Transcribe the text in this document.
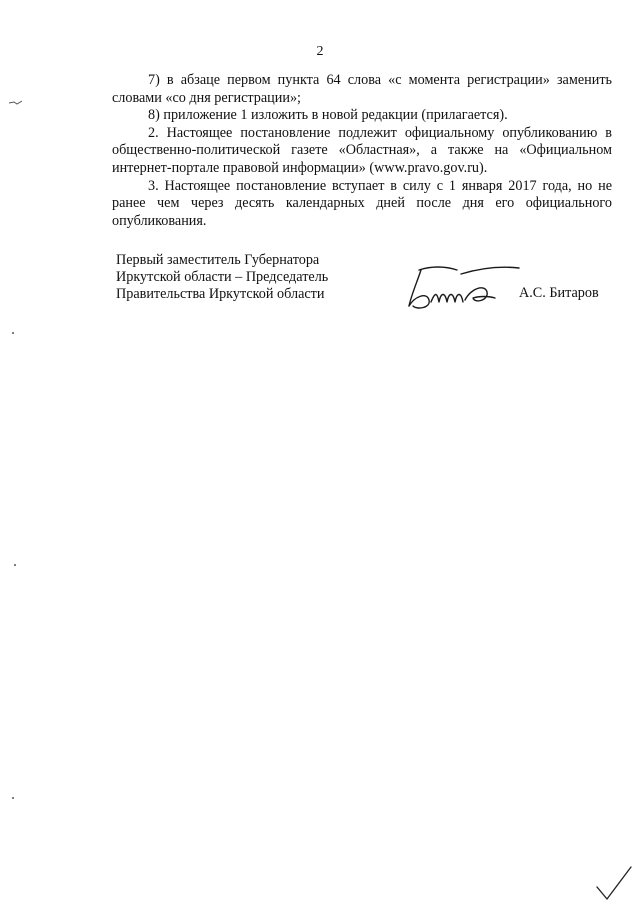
2

7) в абзаце первом пункта 64 слова «с момента регистрации» заменить словами «со дня регистрации»;

8) приложение 1 изложить в новой редакции (прилагается).

2. Настоящее постановление подлежит официальному опубликованию в общественно-политической газете «Областная», а также на «Официальном интернет-портале правовой информации» (www.pravo.gov.ru).

3. Настоящее постановление вступает в силу с 1 января 2017 года, но не ранее чем через десять календарных дней после дня его официального опубликования.

Первый заместитель Губернатора
Иркутской области – Председатель
Правительства Иркутской области	А.С. Битаров
